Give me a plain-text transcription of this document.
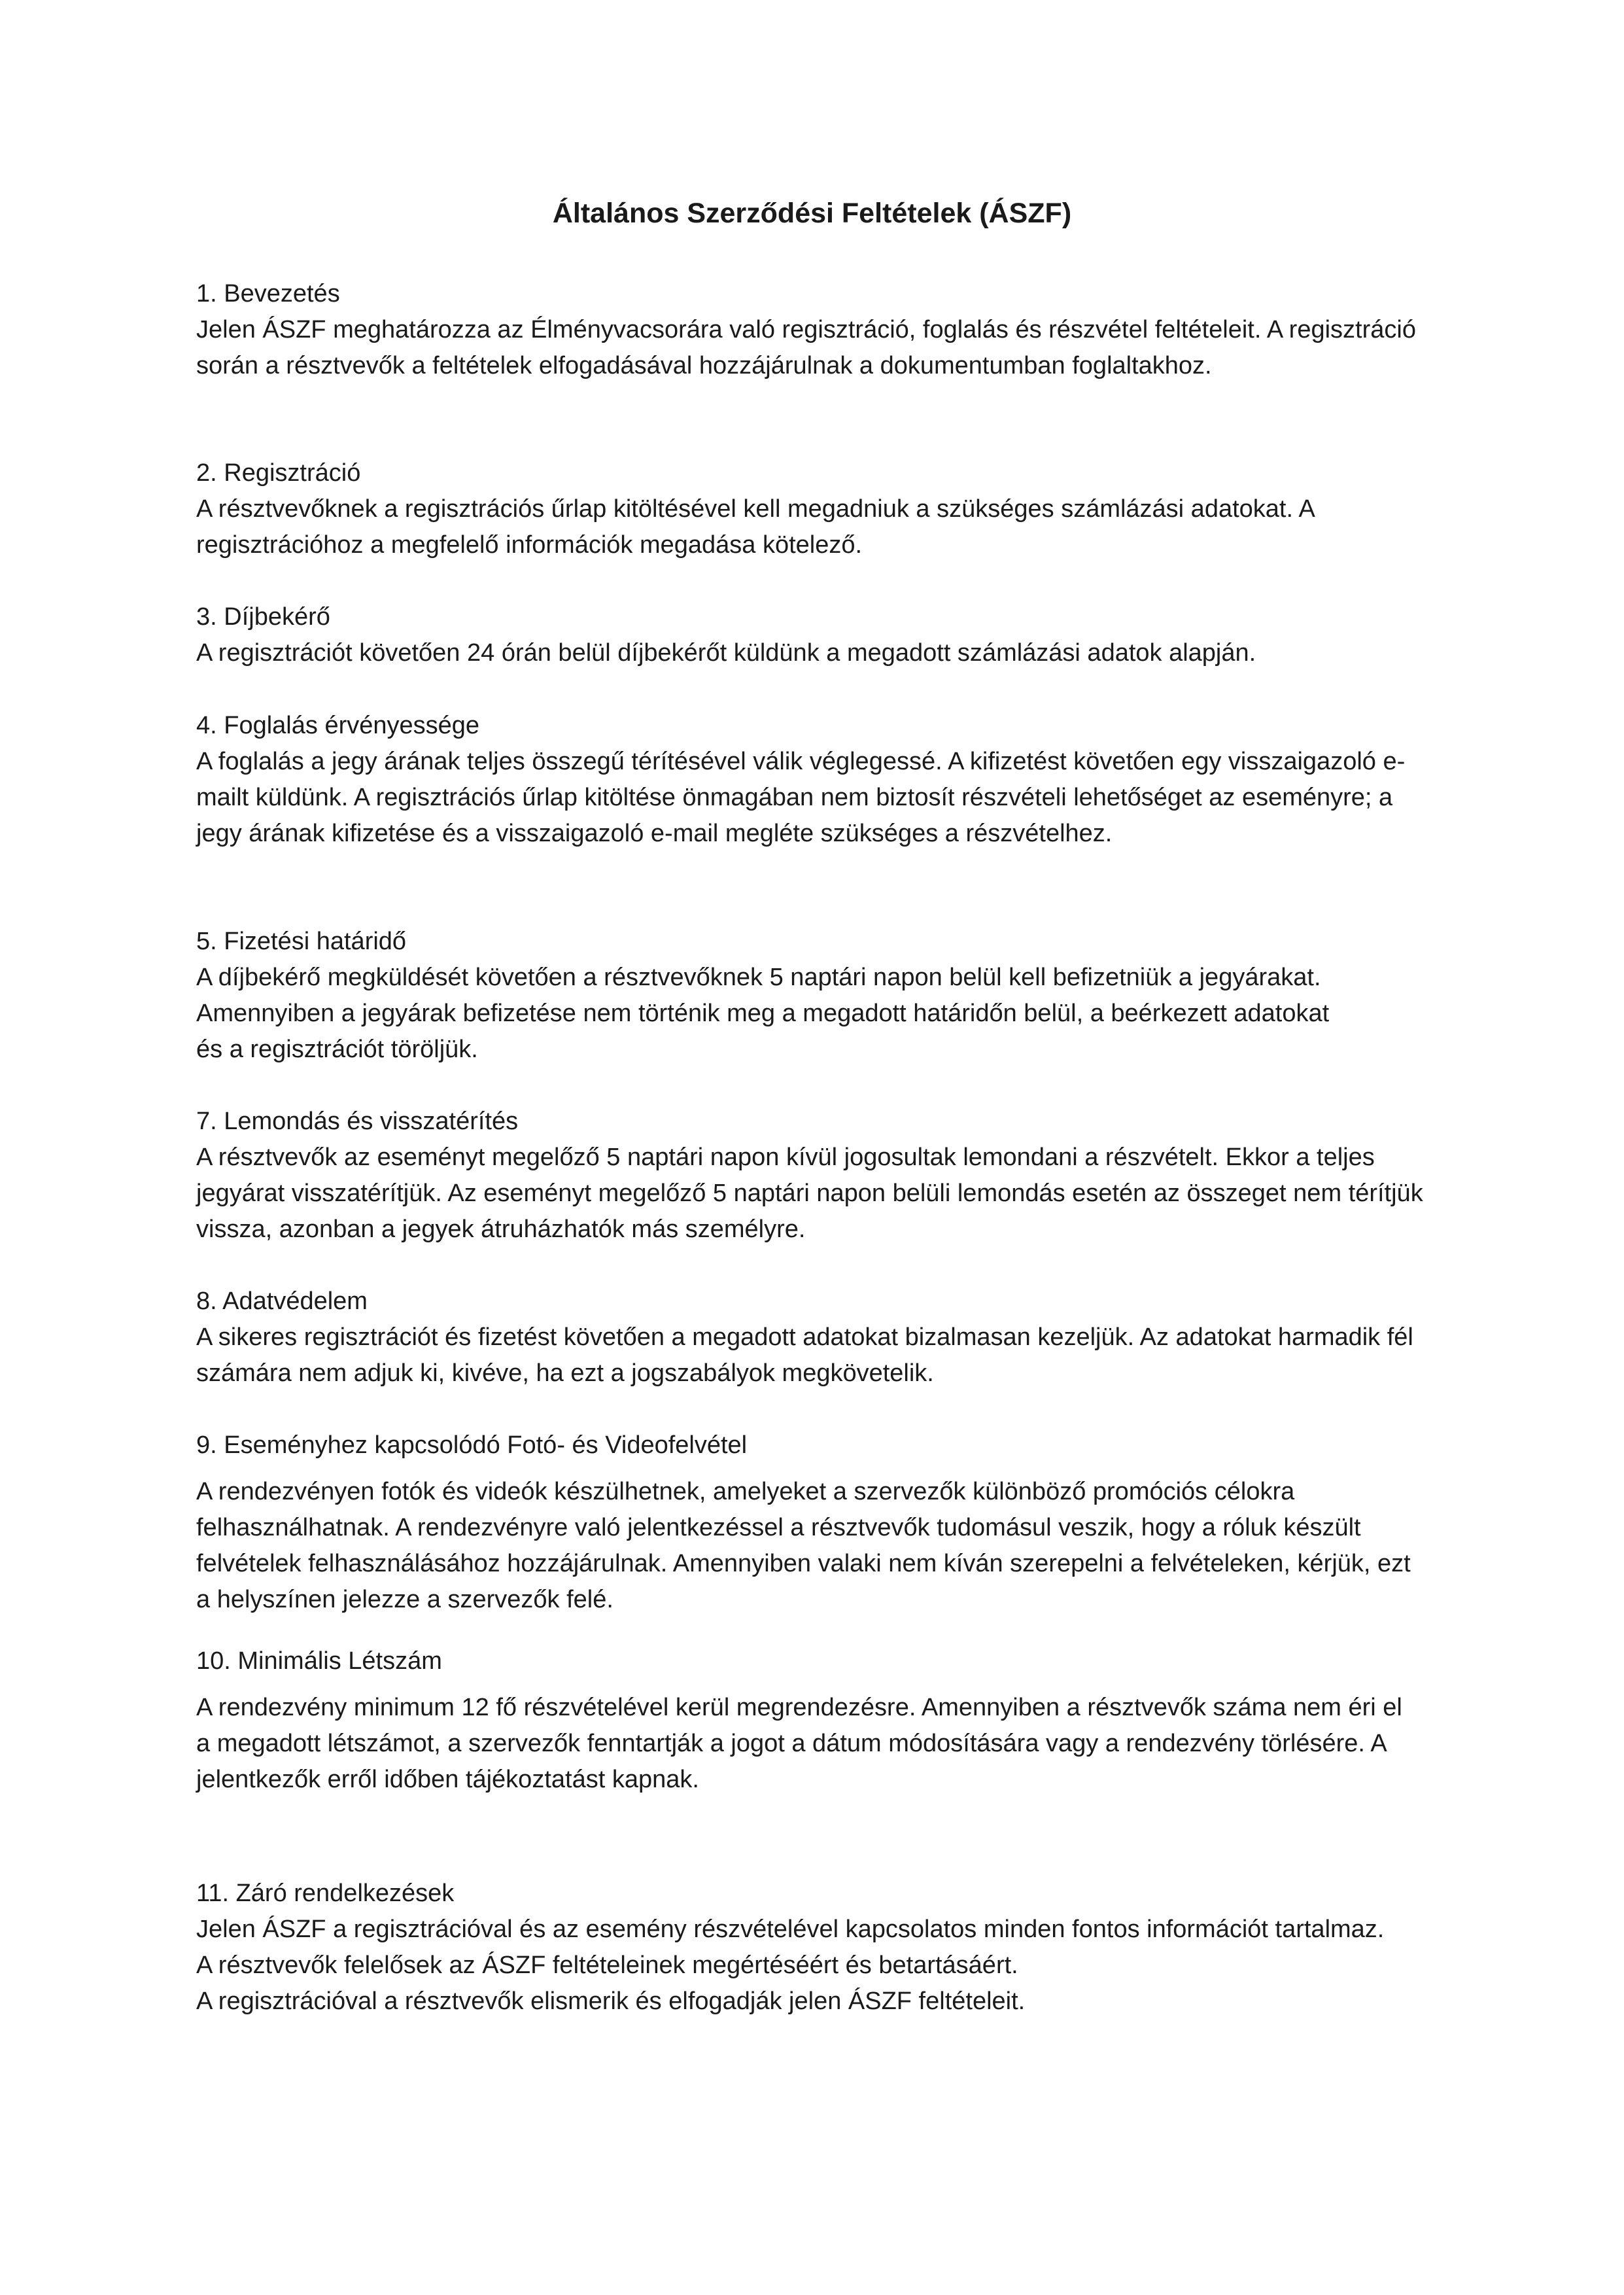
Általános Szerződési Feltételek (ÁSZF)
1. Bevezetés
Jelen ÁSZF meghatározza az Élményvacsorára való regisztráció, foglalás és részvétel feltételeit. A regisztráció során a résztvevők a feltételek elfogadásával hozzájárulnak a dokumentumban foglaltakhoz.
2. Regisztráció
A résztvevőknek a regisztrációs űrlap kitöltésével kell megadniuk a szükséges számlázási adatokat. A regisztrációhoz a megfelelő információk megadása kötelező.
3. Díjbekérő
A regisztrációt követően 24 órán belül díjbekérőt küldünk a megadott számlázási adatok alapján.
4. Foglalás érvényessége
A foglalás a jegy árának teljes összegű térítésével válik véglegessé. A kifizetést követően egy visszaigazoló e-mailt küldünk. A regisztrációs űrlap kitöltése önmagában nem biztosít részvételi lehetőséget az eseményre; a jegy árának kifizetése és a visszaigazoló e-mail megléte szükséges a részvételhez.
5. Fizetési határidő
A díjbekérő megküldését követően a résztvevőknek 5 naptári napon belül kell befizetniük a jegyárakat. Amennyiben a jegyárak befizetése nem történik meg a megadott határidőn belül, a beérkezett adatokat és a regisztrációt töröljük.
7. Lemondás és visszatérítés
A résztvevők az eseményt megelőző 5 naptári napon kívül jogosultak lemondani a részvételt. Ekkor a teljes jegyárat visszatérítjük. Az eseményt megelőző 5 naptári napon belüli lemondás esetén az összeget nem térítjük vissza, azonban a jegyek átruházhatók más személyre.
8. Adatvédelem
A sikeres regisztrációt és fizetést követően a megadott adatokat bizalmasan kezeljük. Az adatokat harmadik fél számára nem adjuk ki, kivéve, ha ezt a jogszabályok megkövetelik.
9. Eseményhez kapcsolódó Fotó- és Videofelvétel
A rendezvényen fotók és videók készülhetnek, amelyeket a szervezők különböző promóciós célokra felhasználhatnak. A rendezvényre való jelentkezéssel a résztvevők tudomásul veszik, hogy a róluk készült felvételek felhasználásához hozzájárulnak. Amennyiben valaki nem kíván szerepelni a felvételeken, kérjük, ezt a helyszínen jelezze a szervezők felé.
10. Minimális Létszám
A rendezvény minimum 12 fő részvételével kerül megrendezésre. Amennyiben a résztvevők száma nem éri el a megadott létszámot, a szervezők fenntartják a jogot a dátum módosítására vagy a rendezvény törlésére. A jelentkezők erről időben tájékoztatást kapnak.
11. Záró rendelkezések
Jelen ÁSZF a regisztrációval és az esemény részvételével kapcsolatos minden fontos információt tartalmaz. A résztvevők felelősek az ÁSZF feltételeinek megértéséért és betartásáért.
A regisztrációval a résztvevők elismerik és elfogadják jelen ÁSZF feltételeit.
